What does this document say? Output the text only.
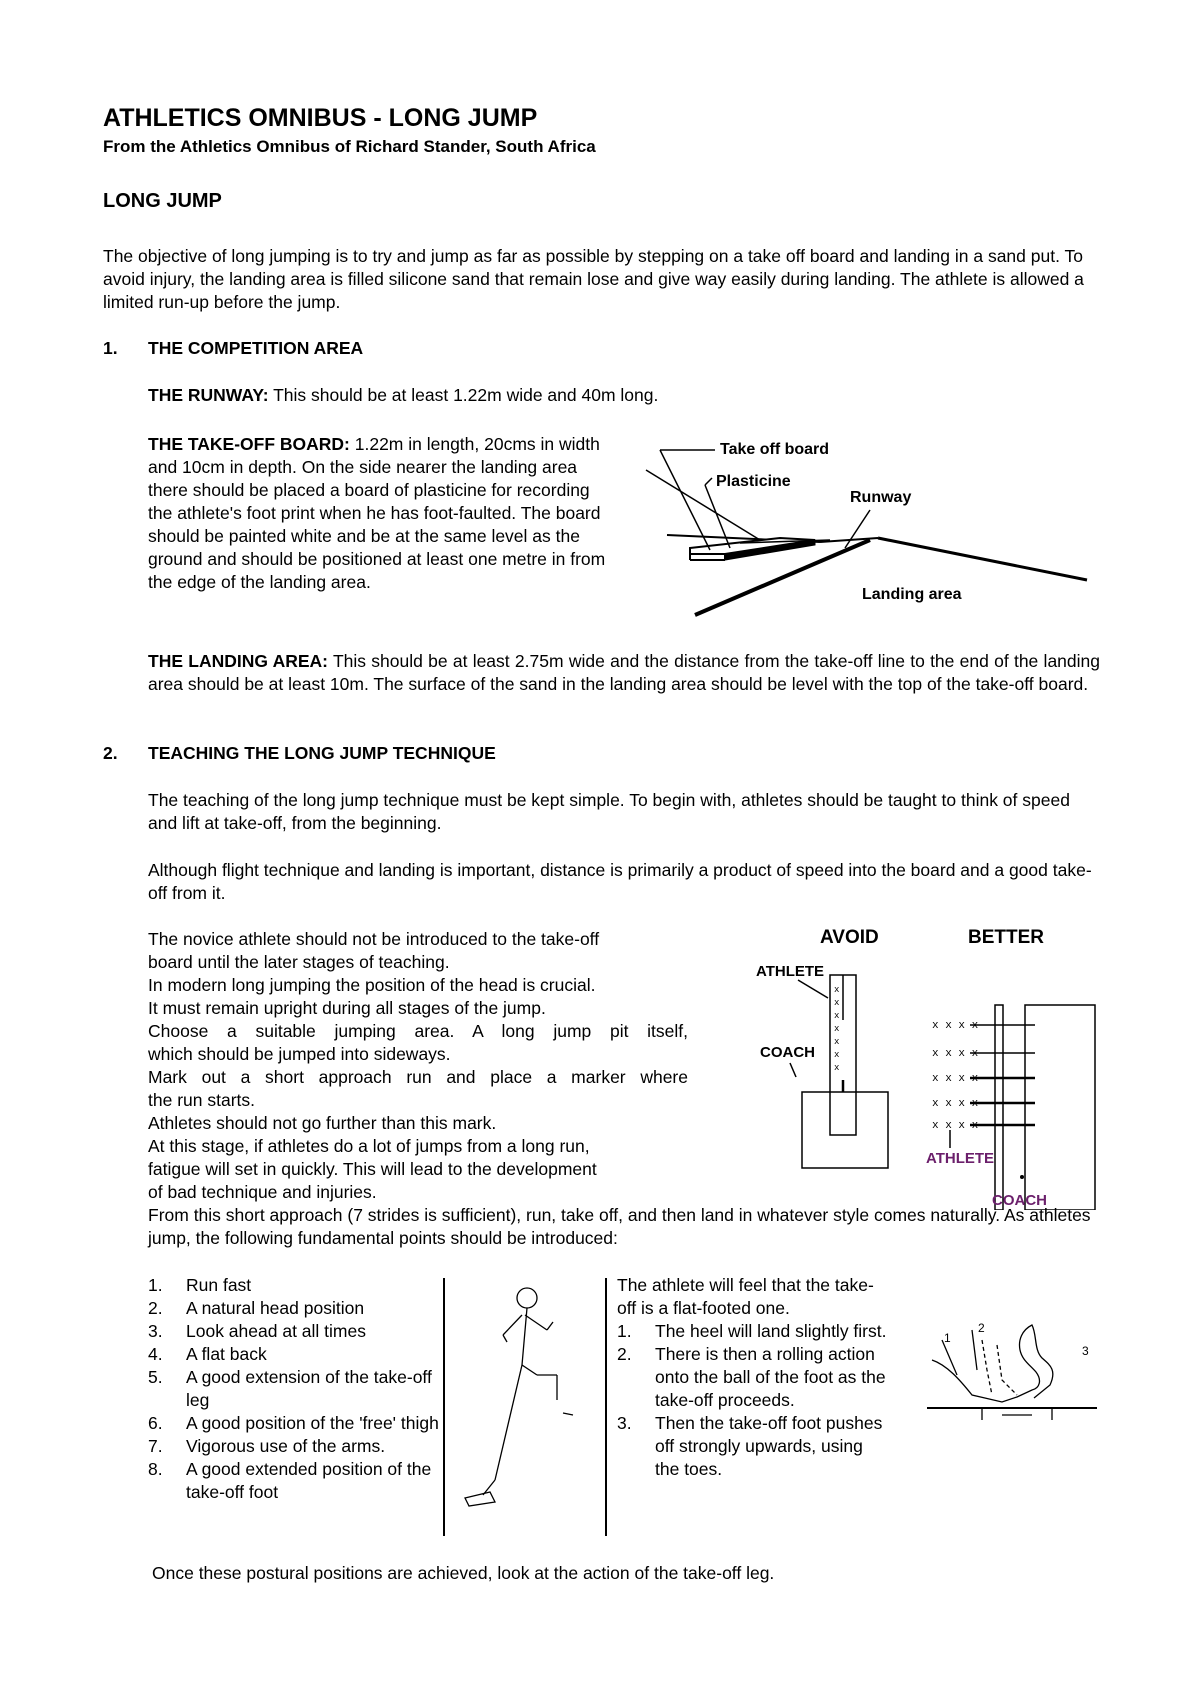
ATHLETICS OMNIBUS - LONG JUMP
From the Athletics Omnibus of Richard Stander, South Africa
LONG JUMP
The objective of long jumping is to try and jump as far as possible by stepping on a take off board and landing in a sand put. To avoid injury, the landing area is filled silicone sand that remain lose and give way easily during landing. The athlete is allowed a limited run-up before the jump.
1. THE COMPETITION AREA
THE RUNWAY: This should be at least 1.22m wide and 40m long.
THE TAKE-OFF BOARD: 1.22m in length, 20cms in width and 10cm in depth. On the side nearer the landing area there should be placed a board of plasticine for recording the athlete's foot print when he has foot-faulted. The board should be painted white and be at the same level as the ground and should be positioned at least one metre in from the edge of the landing area.
Take off board
Plasticine
Runway
Landing area
THE LANDING AREA: This should be at least 2.75m wide and the distance from the take-off line to the end of the landing area should be at least 10m. The surface of the sand in the landing area should be level with the top of the take-off board.
2. TEACHING THE LONG JUMP TECHNIQUE
The teaching of the long jump technique must be kept simple. To begin with, athletes should be taught to think of speed and lift at take-off, from the beginning.
Although flight technique and landing is important, distance is primarily a product of speed into the board and a good take-off from it.
The novice athlete should not be introduced to the take-off
board until the later stages of teaching.
In modern long jumping the position of the head is crucial.
It must remain upright during all stages of the jump.
Choose a suitable jumping area. A long jump pit itself,
which should be jumped into sideways.
Mark out a short approach run and place a marker where
the run starts.
Athletes should not go further than this mark.
At this stage, if athletes do a lot of jumps from a long run,
fatigue will set in quickly. This will lead to the development
of bad technique and injuries.
AVOID	BETTER
ATHLETE
COACH
x
x
x
x
x
x
x
x x x x
x x x x
x x x x
x x x x
x x x x
ATHLETE
COACH
From this short approach (7 strides is sufficient), run, take off, and then land in whatever style comes naturally. As athletes jump, the following fundamental points should be introduced:
1. Run fast
2. A natural head position
3. Look ahead at all times
4. A flat back
5. A good extension of the take-off leg
6. A good position of the 'free' thigh
7. Vigorous use of the arms.
8. A good extended position of the take-off foot
The athlete will feel that the take-off is a flat-footed one.
1. The heel will land slightly first.
2. There is then a rolling action onto the ball of the foot as the take-off proceeds.
3. Then the take-off foot pushes off strongly upwards, using the toes.
1
2
3
Once these postural positions are achieved, look at the action of the take-off leg.
